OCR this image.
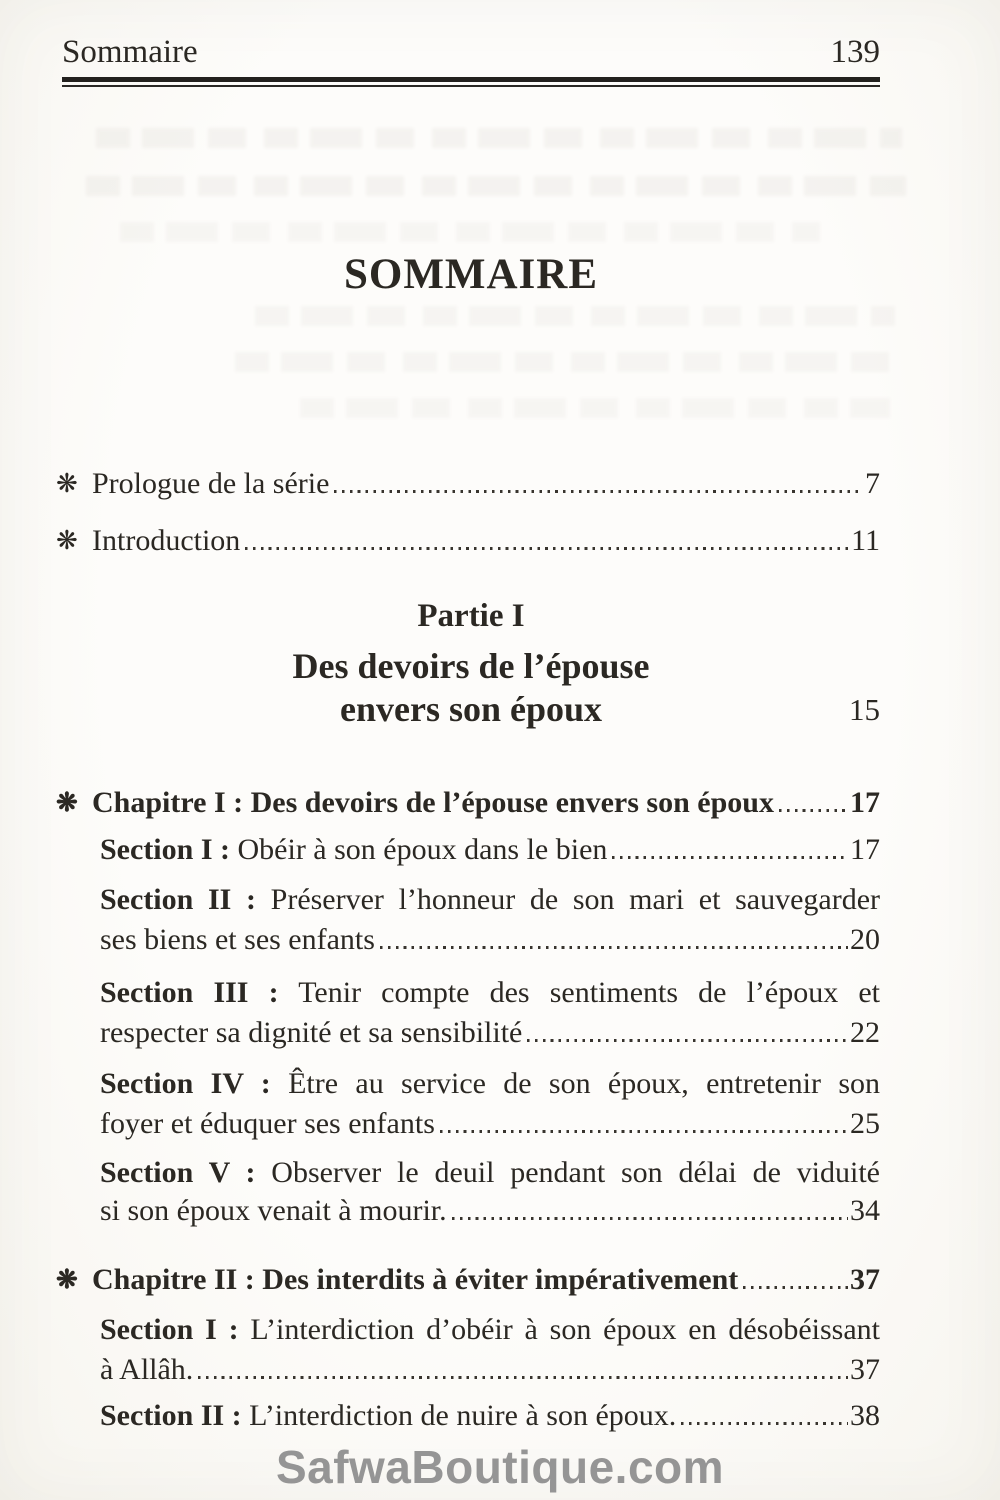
Sommaire	139
SOMMAIRE
❋ Prologue de la série	7
❋ Introduction	11
Partie I
Des devoirs de l’épouse
envers son époux	15
❋ Chapitre I : Des devoirs de l’épouse envers son époux	17
Section I : Obéir à son époux dans le bien	17
Section II : Préserver l’honneur de son mari et sauvegarder
ses biens et ses enfants	20
Section III : Tenir compte des sentiments de l’époux et
respecter sa dignité et sa sensibilité	22
Section IV : Être au service de son époux, entretenir son
foyer et éduquer ses enfants	25
Section V : Observer le deuil pendant son délai de viduité
si son époux venait à mourir.	34
❋ Chapitre II : Des interdits à éviter impérativement	37
Section I : L’interdiction d’obéir à son époux en désobéissant
à Allâh.	37
Section II : L’interdiction de nuire à son époux.	38
SafwaBoutique.com
